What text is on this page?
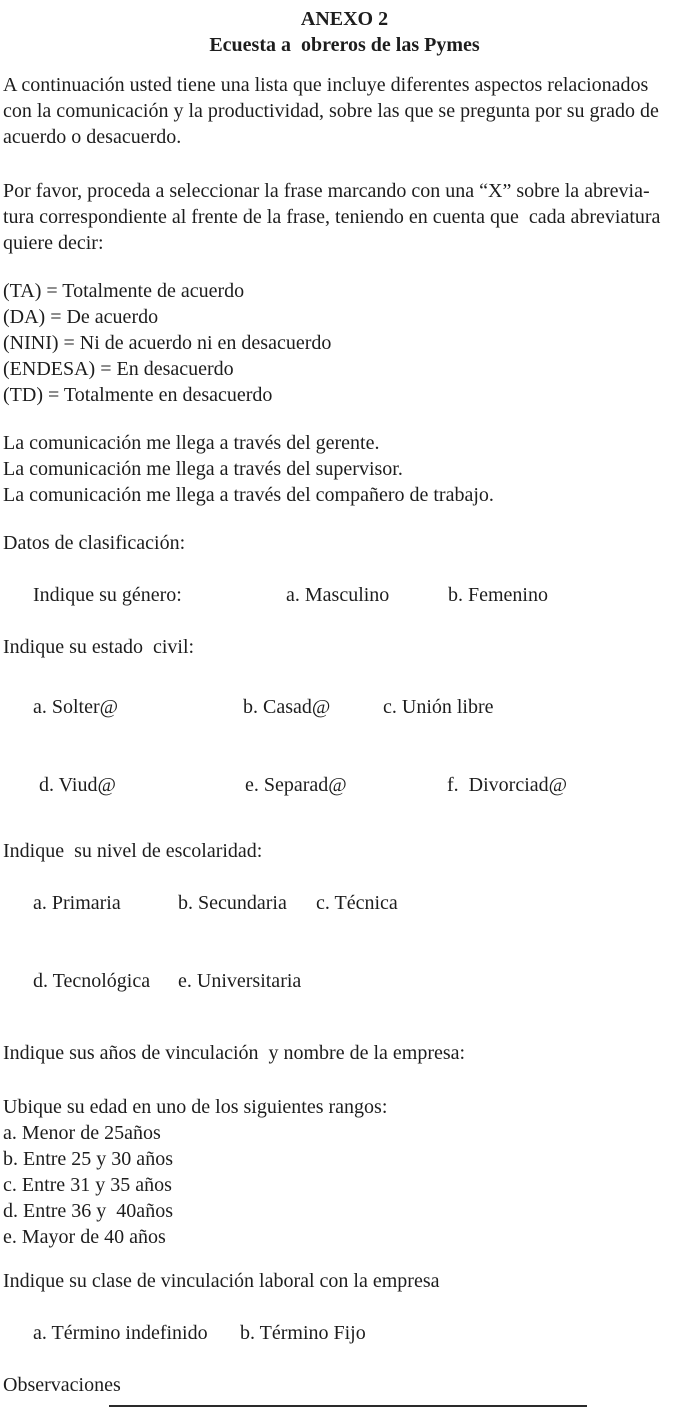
ANEXO 2
Ecuesta a  obreros de las Pymes
A continuación usted tiene una lista que incluye diferentes aspectos relacionados
con la comunicación y la productividad, sobre las que se pregunta por su grado de
acuerdo o desacuerdo.
Por favor, proceda a seleccionar la frase marcando con una “X” sobre la abrevia-
tura correspondiente al frente de la frase, teniendo en cuenta que  cada abreviatura
quiere decir:
(TA) = Totalmente de acuerdo
(DA) = De acuerdo
(NINI) = Ni de acuerdo ni en desacuerdo
(ENDESA) = En desacuerdo
(TD) = Totalmente en desacuerdo
La comunicación me llega a través del gerente.
La comunicación me llega a través del supervisor.
La comunicación me llega a través del compañero de trabajo.
Datos de clasificación:

Indique su género:	a. Masculino	b. Femenino

Indique su estado  civil:

a. Solter@	b. Casad@	c. Unión libre

d. Viud@	e. Separad@	f.  Divorciad@

Indique  su nivel de escolaridad:

a. Primaria	b. Secundaria c. Técnica

d. Tecnológica e. Universitaria

Indique sus años de vinculación  y nombre de la empresa:
Ubique su edad en uno de los siguientes rangos:
a. Menor de 25años
b. Entre 25 y 30 años
c. Entre 31 y 35 años
d. Entre 36 y  40años
e. Mayor de 40 años
Indique su clase de vinculación laboral con la empresa

a. Término indefinido b. Término Fijo

Observaciones
